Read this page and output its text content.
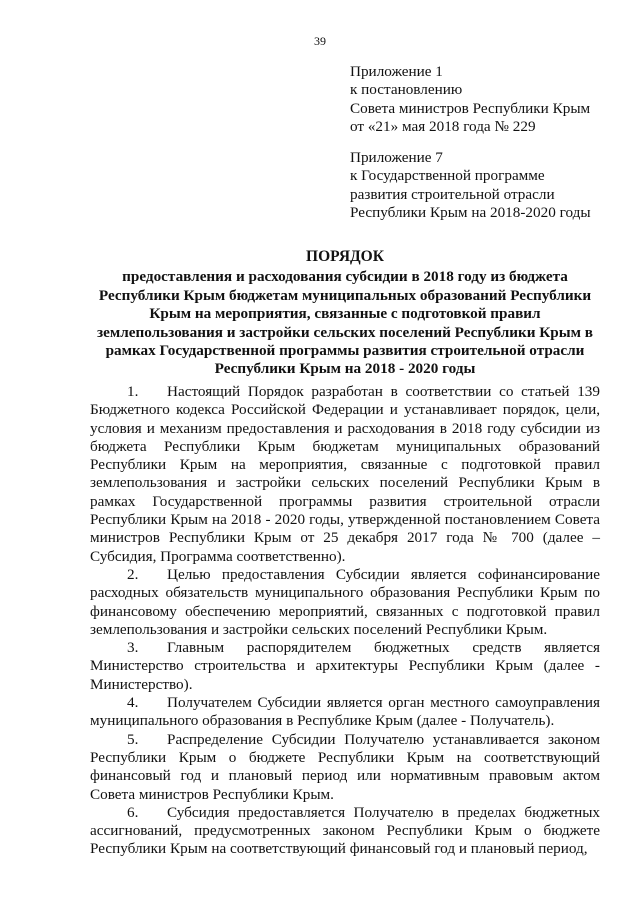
39
Приложение 1
к постановлению
Совета министров Республики Крым
от «21» мая 2018 года № 229
Приложение 7
к Государственной программе
развития строительной отрасли
Республики Крым на 2018-2020 годы
ПОРЯДОК
предоставления и расходования субсидии в 2018 году из бюджета Республики Крым бюджетам муниципальных образований Республики Крым на мероприятия, связанные с подготовкой правил землепользования и застройки сельских поселений Республики Крым в рамках Государственной программы развития строительной отрасли Республики Крым на 2018 - 2020 годы

1. Настоящий Порядок разработан в соответствии со статьей 139 Бюджетного кодекса Российской Федерации и устанавливает порядок, цели, условия и механизм предоставления и расходования в 2018 году субсидии из бюджета Республики Крым бюджетам муниципальных образований Республики Крым на мероприятия, связанные с подготовкой правил землепользования и застройки сельских поселений Республики Крым в рамках Государственной программы развития строительной отрасли Республики Крым на 2018 - 2020 годы, утвержденной постановлением Совета министров Республики Крым от 25 декабря 2017 года № 700 (далее – Субсидия, Программа соответственно).

2. Целью предоставления Субсидии является софинансирование расходных обязательств муниципального образования Республики Крым по финансовому обеспечению мероприятий, связанных с подготовкой правил землепользования и застройки сельских поселений Республики Крым.

3. Главным распорядителем бюджетных средств является Министерство строительства и архитектуры Республики Крым (далее - Министерство).

4. Получателем Субсидии является орган местного самоуправления муниципального образования в Республике Крым (далее - Получатель).

5. Распределение Субсидии Получателю устанавливается законом Республики Крым о бюджете Республики Крым на соответствующий финансовый год и плановый период или нормативным правовым актом Совета министров Республики Крым.

6. Субсидия предоставляется Получателю в пределах бюджетных ассигнований, предусмотренных законом Республики Крым о бюджете Республики Крым на соответствующий финансовый год и плановый период,
